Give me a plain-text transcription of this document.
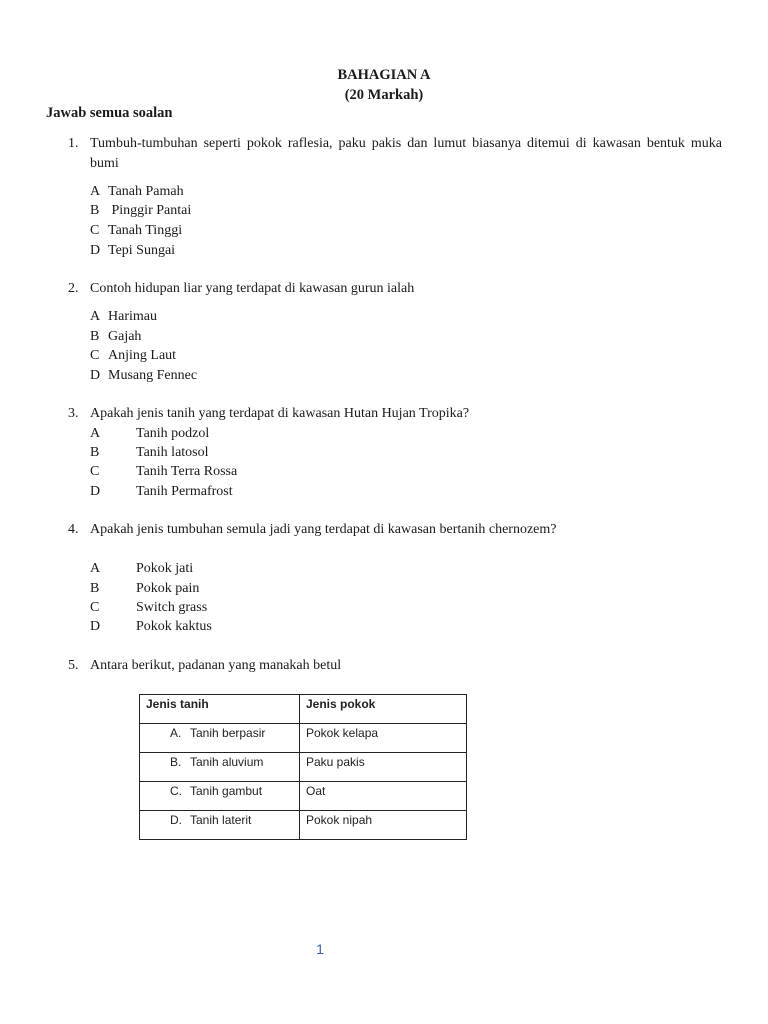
BAHAGIAN A
(20 Markah)
Jawab semua soalan
1. Tumbuh-tumbuhan seperti pokok raflesia, paku pakis dan lumut biasanya ditemui di kawasan bentuk muka bumi
A Tanah Pamah
B Pinggir Pantai
C Tanah Tinggi
D Tepi Sungai
2. Contoh hidupan liar yang terdapat di kawasan gurun ialah
A Harimau
B Gajah
C Anjing Laut
D Musang Fennec
3. Apakah jenis tanih yang terdapat di kawasan Hutan Hujan Tropika?
A	Tanih podzol
B	Tanih latosol
C	Tanih Terra Rossa
D	Tanih Permafrost
4. Apakah jenis tumbuhan semula jadi yang terdapat di kawasan bertanih chernozem?
A	Pokok jati
B	Pokok pain
C	Switch grass
D	Pokok kaktus
5. Antara berikut, padanan yang manakah betul
Jenis tanih	Jenis pokok
A. Tanih berpasir	Pokok kelapa
B. Tanih aluvium	Paku pakis
C. Tanih gambut	Oat
D. Tanih laterit	Pokok nipah
1
